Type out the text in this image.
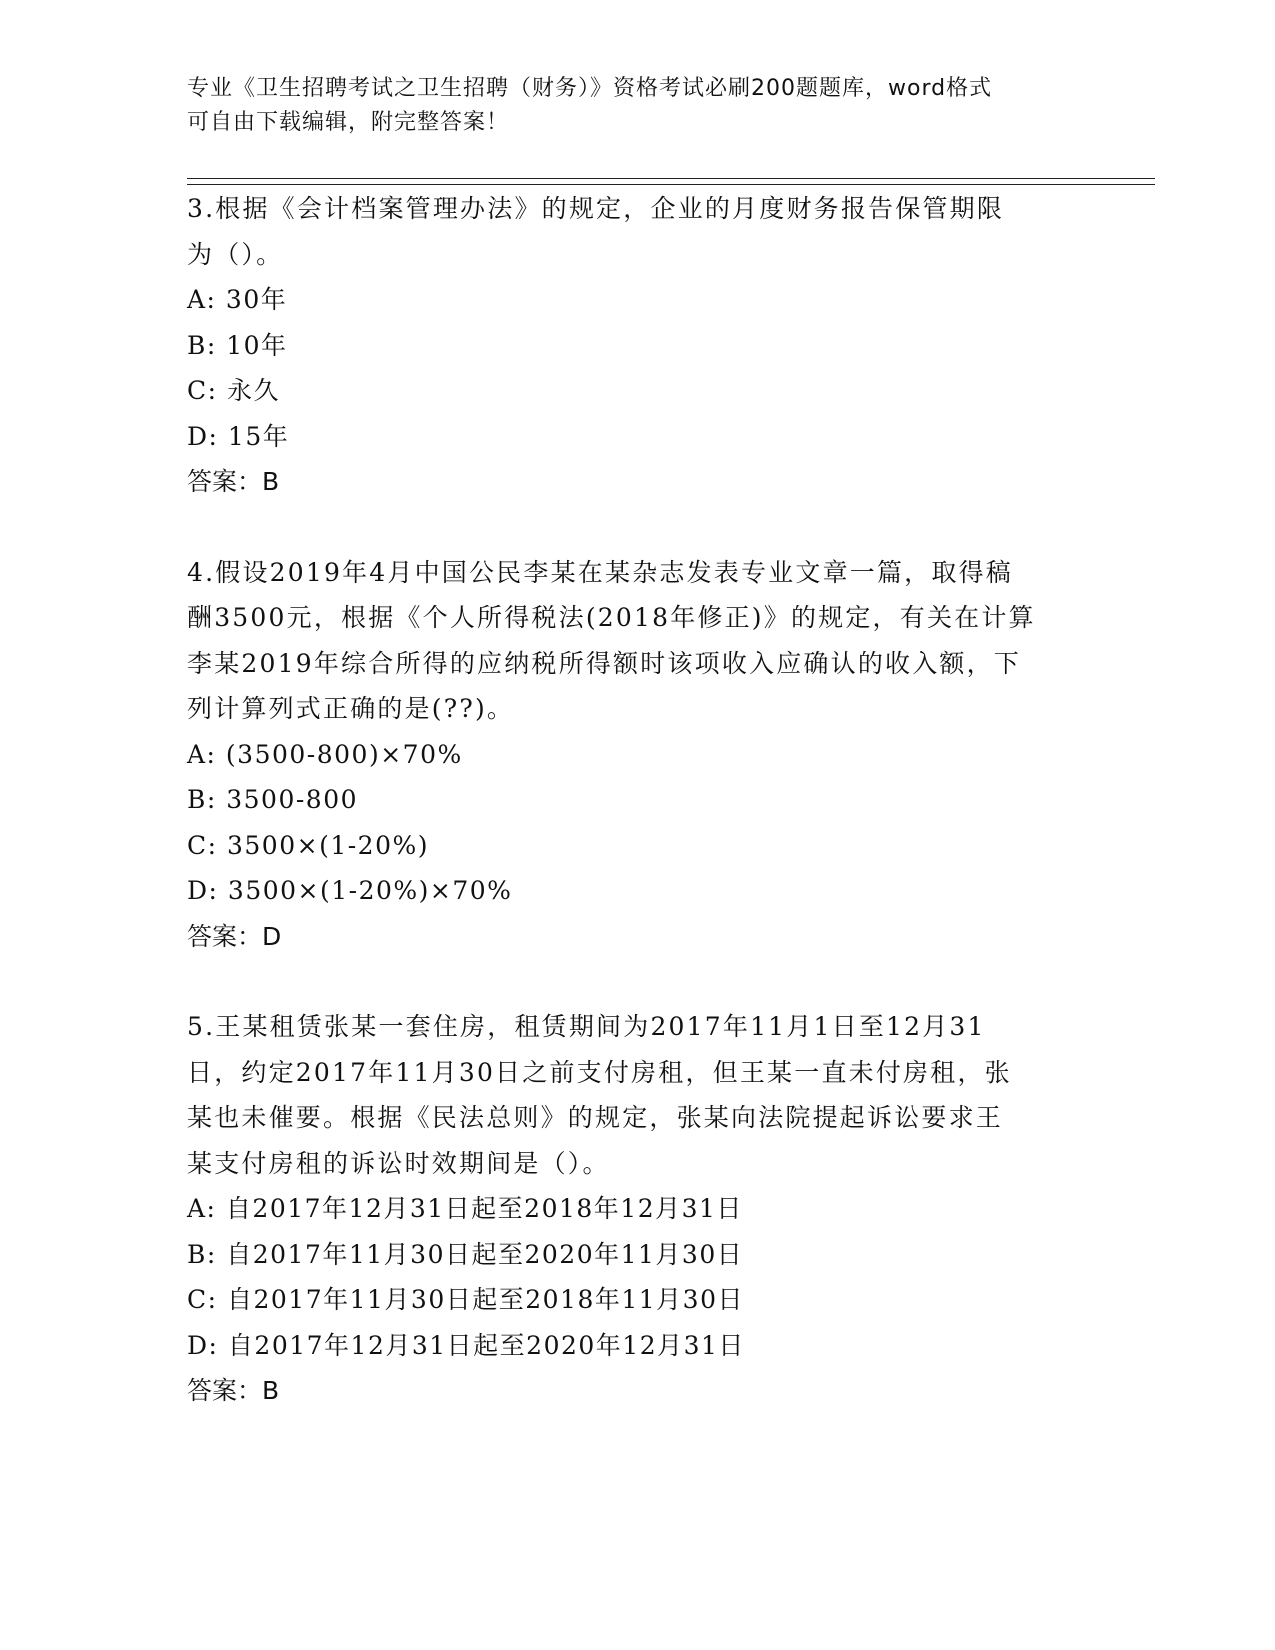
专业《卫生招聘考试之卫生招聘（财务）》资格考试必刷200题题库，word格式
可自由下载编辑，附完整答案！
3.根据《会计档案管理办法》的规定，企业的月度财务报告保管期限
为（）。
A: 30年
B: 10年
C: 永久
D: 15年
答案：B
4.假设2019年4月中国公民李某在某杂志发表专业文章一篇，取得稿
酬3500元，根据《个人所得税法(2018年修正)》的规定，有关在计算
李某2019年综合所得的应纳税所得额时该项收入应确认的收入额，下
列计算列式正确的是(??)。
A: (3500-800)×70%
B: 3500-800
C: 3500×(1-20%)
D: 3500×(1-20%)×70%
答案：D
5.王某租赁张某一套住房，租赁期间为2017年11月1日至12月31
日，约定2017年11月30日之前支付房租，但王某一直未付房租，张
某也未催要。根据《民法总则》的规定，张某向法院提起诉讼要求王
某支付房租的诉讼时效期间是（）。
A: 自2017年12月31日起至2018年12月31日
B: 自2017年11月30日起至2020年11月30日
C: 自2017年11月30日起至2018年11月30日
D: 自2017年12月31日起至2020年12月31日
答案：B
